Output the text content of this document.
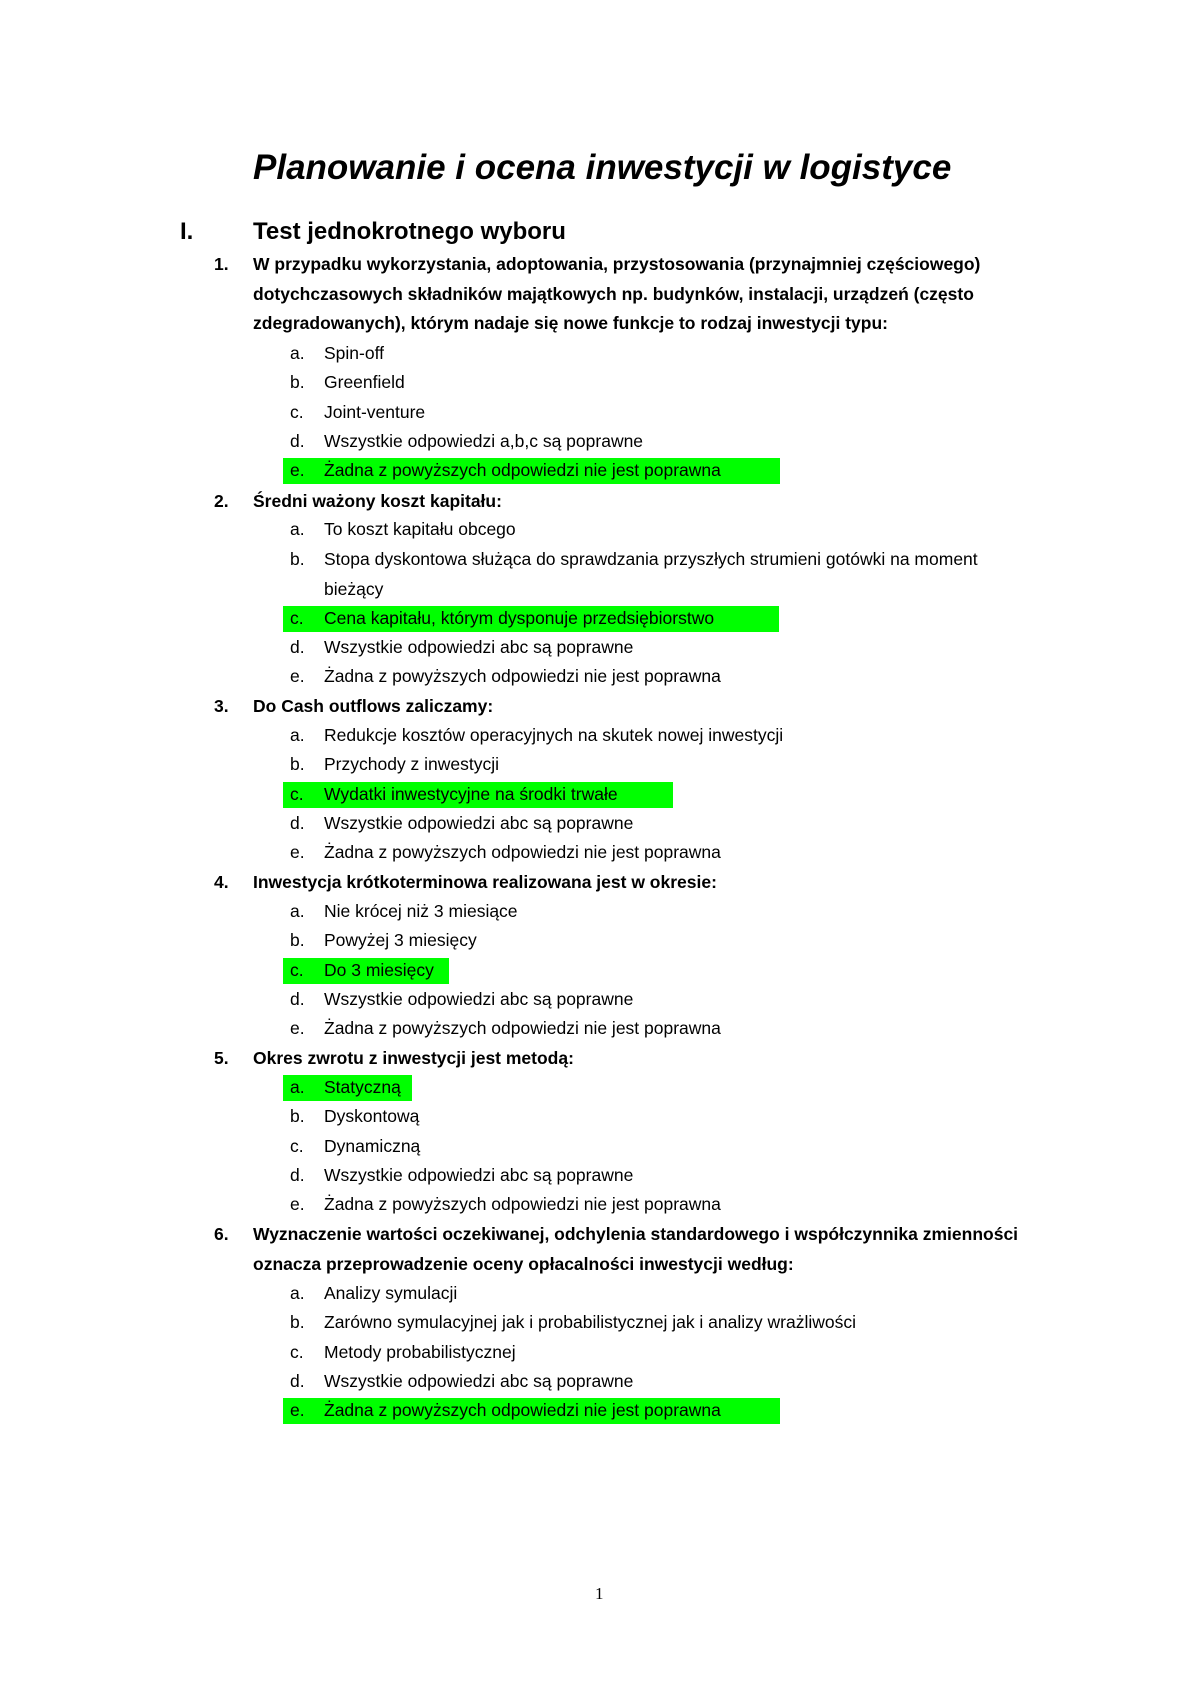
Planowanie i ocena inwestycji w logistyce
I. Test jednokrotnego wyboru
1. W przypadku wykorzystania, adoptowania, przystosowania (przynajmniej częściowego) dotychczasowych składników majątkowych np. budynków, instalacji, urządzeń (często zdegradowanych), którym nadaje się nowe funkcje to rodzaj inwestycji typu:
a. Spin-off
b. Greenfield
c. Joint-venture
d. Wszystkie odpowiedzi a,b,c są poprawne
e. Żadna z powyższych odpowiedzi nie jest poprawna
2. Średni ważony koszt kapitału:
a. To koszt kapitału obcego
b. Stopa dyskontowa służąca do sprawdzania przyszłych strumieni gotówki na moment bieżący
c. Cena kapitału, którym dysponuje przedsiębiorstwo
d. Wszystkie odpowiedzi abc są poprawne
e. Żadna z powyższych odpowiedzi nie jest poprawna
3. Do Cash outflows zaliczamy:
a. Redukcje kosztów operacyjnych na skutek nowej inwestycji
b. Przychody z inwestycji
c. Wydatki inwestycyjne na środki trwałe
d. Wszystkie odpowiedzi abc są poprawne
e. Żadna z powyższych odpowiedzi nie jest poprawna
4. Inwestycja krótkoterminowa realizowana jest w okresie:
a. Nie krócej niż 3 miesiące
b. Powyżej 3 miesięcy
c. Do 3 miesięcy
d. Wszystkie odpowiedzi abc są poprawne
e. Żadna z powyższych odpowiedzi nie jest poprawna
5. Okres zwrotu z inwestycji jest metodą:
a. Statyczną
b. Dyskontową
c. Dynamiczną
d. Wszystkie odpowiedzi abc są poprawne
e. Żadna z powyższych odpowiedzi nie jest poprawna
6. Wyznaczenie wartości oczekiwanej, odchylenia standardowego i współczynnika zmienności oznacza przeprowadzenie oceny opłacalności inwestycji według:
a. Analizy symulacji
b. Zarówno symulacyjnej jak i probabilistycznej jak i analizy wrażliwości
c. Metody probabilistycznej
d. Wszystkie odpowiedzi abc są poprawne
e. Żadna z powyższych odpowiedzi nie jest poprawna
1
